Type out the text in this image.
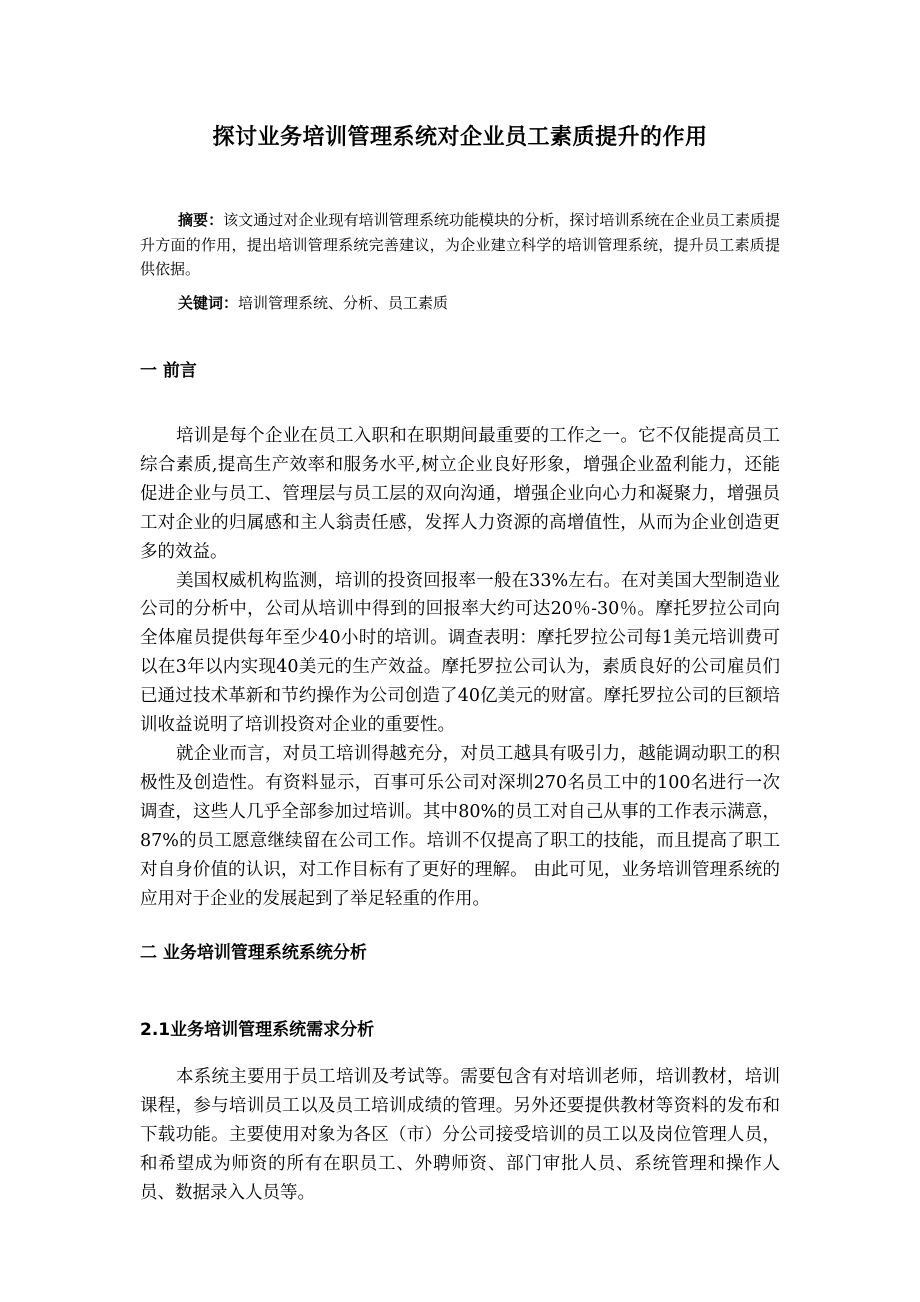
探讨业务培训管理系统对企业员工素质提升的作用

摘要：该文通过对企业现有培训管理系统功能模块的分析，探讨培训系统在企业员工素质提升方面的作用，提出培训管理系统完善建议，为企业建立科学的培训管理系统，提升员工素质提供依据。

关键词：培训管理系统、分析、员工素质

一 前言

培训是每个企业在员工入职和在职期间最重要的工作之一。它不仅能提高员工综合素质,提高生产效率和服务水平,树立企业良好形象，增强企业盈利能力，还能促进企业与员工、管理层与员工层的双向沟通，增强企业向心力和凝聚力，增强员工对企业的归属感和主人翁责任感，发挥人力资源的高增值性，从而为企业创造更多的效益。

美国权威机构监测，培训的投资回报率一般在33%左右。在对美国大型制造业公司的分析中，公司从培训中得到的回报率大约可达20％-30％。摩托罗拉公司向全体雇员提供每年至少40小时的培训。调查表明：摩托罗拉公司每1美元培训费可以在3年以内实现40美元的生产效益。摩托罗拉公司认为，素质良好的公司雇员们已通过技术革新和节约操作为公司创造了40亿美元的财富。摩托罗拉公司的巨额培训收益说明了培训投资对企业的重要性。

就企业而言，对员工培训得越充分，对员工越具有吸引力，越能调动职工的积极性及创造性。有资料显示，百事可乐公司对深圳270名员工中的100名进行一次调查，这些人几乎全部参加过培训。其中80%的员工对自己从事的工作表示满意，87%的员工愿意继续留在公司工作。培训不仅提高了职工的技能，而且提高了职工对自身价值的认识，对工作目标有了更好的理解。 由此可见，业务培训管理系统的应用对于企业的发展起到了举足轻重的作用。

二 业务培训管理系统系统分析
2.1业务培训管理系统需求分析

本系统主要用于员工培训及考试等。需要包含有对培训老师，培训教材，培训课程，参与培训员工以及员工培训成绩的管理。另外还要提供教材等资料的发布和下载功能。主要使用对象为各区（市）分公司接受培训的员工以及岗位管理人员，和希望成为师资的所有在职员工、外聘师资、部门审批人员、系统管理和操作人员、数据录入人员等。
